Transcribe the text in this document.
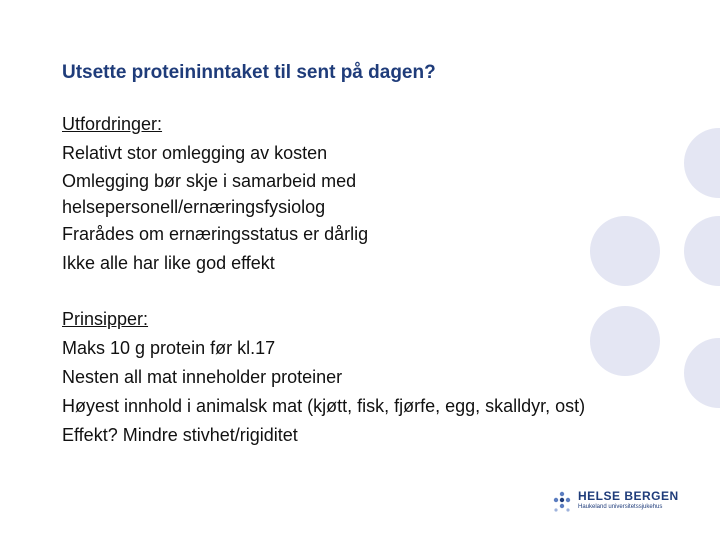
Utsette proteininntaket til sent på dagen?
Utfordringer:
Relativt stor omlegging av kosten
Omlegging bør skje i samarbeid med helsepersonell/ernæringsfysiolog
Frarådes om ernæringsstatus er dårlig
Ikke alle har like god effekt
Prinsipper:
Maks 10 g protein før kl.17
Nesten all mat inneholder proteiner
Høyest innhold i animalsk mat (kjøtt, fisk, fjørfe, egg, skalldyr, ost)
Effekt? Mindre stivhet/rigiditet
HELSE BERGEN
Haukeland universitetssjukehus
